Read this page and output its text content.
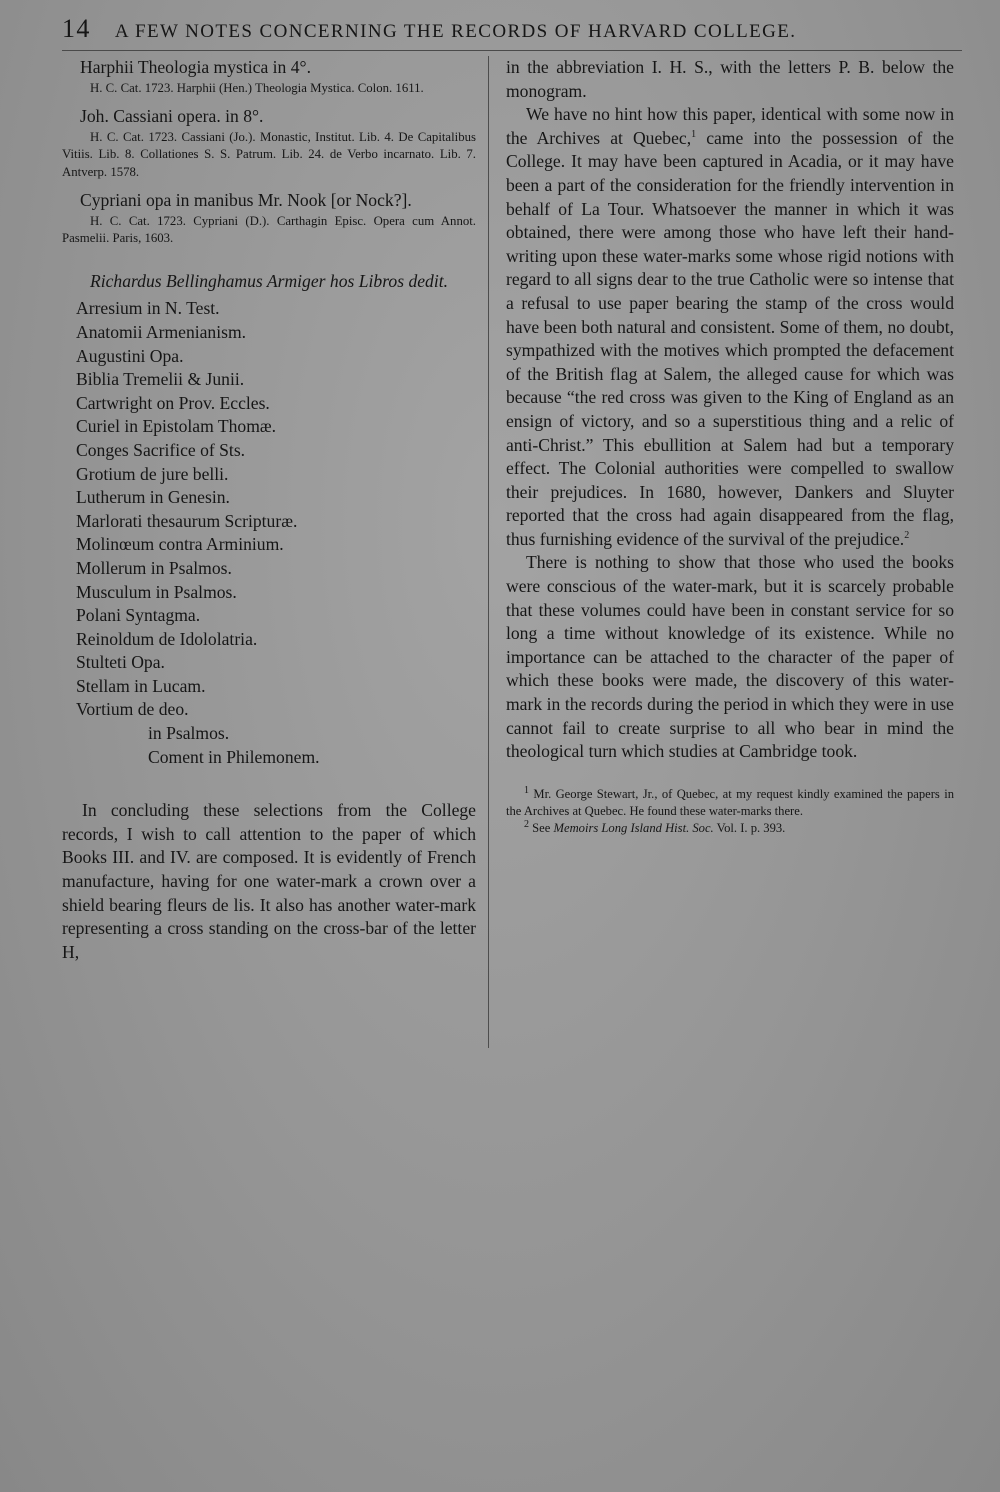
14 A FEW NOTES CONCERNING THE RECORDS OF HARVARD COLLEGE.

Harphii Theologia mystica in 4°.

H. C. Cat. 1723. Harphii (Hen.) Theologia Mystica. Colon. 1611.

Joh. Cassiani opera. in 8°.

H. C. Cat. 1723. Cassiani (Jo.). Monastic, Institut. Lib. 4. De Capitalibus Vitiis. Lib. 8. Collationes S. S. Patrum. Lib. 24. de Verbo incarnato. Lib. 7. Antverp. 1578.

Cypriani opa in manibus Mr. Nook [or Nock?].

H. C. Cat. 1723. Cypriani (D.). Carthagin Episc. Opera cum Annot. Pasmelii. Paris, 1603.

Richardus Bellinghamus Armiger hos Libros dedit.

Arresium in N. Test.
Anatomii Armenianism.
Augustini Opa.
Biblia Tremelii & Junii.
Cartwright on Prov. Eccles.
Curiel in Epistolam Thomæ.
Conges Sacrifice of Sts.
Grotium de jure belli.
Lutherum in Genesin.
Marlorati thesaurum Scripturæ.
Molinœum contra Arminium.
Mollerum in Psalmos.
Musculum in Psalmos.
Polani Syntagma.
Reinoldum de Idololatria.
Stulteti Opa.
Stellam in Lucam.
Vortium de deo.
in Psalmos.
Coment in Philemonem.

In concluding these selections from the College records, I wish to call attention to the paper of which Books III. and IV. are composed. It is evidently of French manufacture, having for one water-mark a crown over a shield bearing fleurs de lis. It also has another water-mark representing a cross standing on the cross-bar of the letter H,

in the abbreviation I. H. S., with the letters P. B. below the monogram.

We have no hint how this paper, identical with some now in the Archives at Quebec,$^1$ came into the possession of the College. It may have been captured in Acadia, or it may have been a part of the consideration for the friendly intervention in behalf of La Tour. Whatsoever the manner in which it was obtained, there were among those who have left their hand-writing upon these water-marks some whose rigid notions with regard to all signs dear to the true Catholic were so intense that a refusal to use paper bearing the stamp of the cross would have been both natural and consistent. Some of them, no doubt, sympathized with the motives which prompted the defacement of the British flag at Salem, the alleged cause for which was because “the red cross was given to the King of England as an ensign of victory, and so a superstitious thing and a relic of anti-Christ.” This ebullition at Salem had but a temporary effect. The Colonial authorities were compelled to swallow their prejudices. In 1680, however, Dankers and Sluyter reported that the cross had again disappeared from the flag, thus furnishing evidence of the survival of the prejudice.$^2$

There is nothing to show that those who used the books were conscious of the water-mark, but it is scarcely probable that these volumes could have been in constant service for so long a time without knowledge of its existence. While no importance can be attached to the character of the paper of which these books were made, the discovery of this water-mark in the records during the period in which they were in use cannot fail to create surprise to all who bear in mind the theological turn which studies at Cambridge took.

$^1$ Mr. George Stewart, Jr., of Quebec, at my request kindly examined the papers in the Archives at Quebec. He found these water-marks there.

$^2$ See Memoirs Long Island Hist. Soc. Vol. I. p. 393.
